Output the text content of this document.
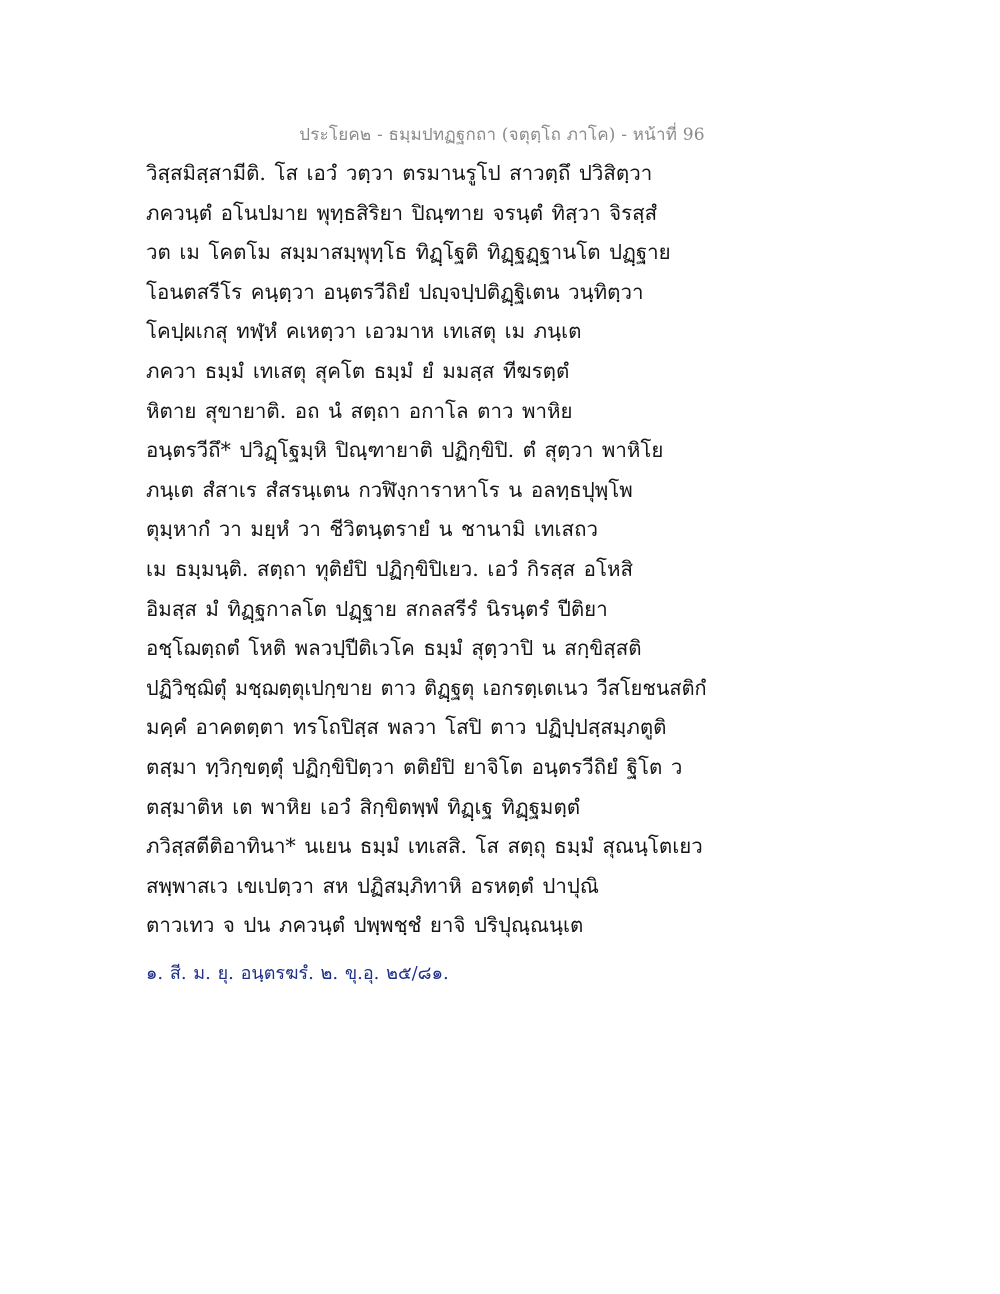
ประโยค๒ - ธมฺมปทฏฐกถา (จตุตฺโถ ภาโค) - หน้าที่ 96
วิสฺสมิสฺสามีติ. โส เอวํ วตฺวา ตรมานรูโป สาวตฺถึ ปวิสิตฺวา
ภควนฺตํ อโนปมาย พุทฺธสิริยา ปิณฺฑาย จรนฺตํ ทิสฺวา จิรสฺสํ
วต เม โคตโม สมฺมาสมฺพุทฺโธ ทิฏฺโฐติ ทิฏฺฐฏฺฐานโต ปฏฺฐาย
โอนตสรีโร คนฺตฺวา อนฺตรวีถิยํ ปญฺจปฺปติฏฺฐิเตน วนฺทิตฺวา
โคปฺผเกสุ ทฬฺหํ คเหตฺวา เอวมาห เทเสตุ เม ภนฺเต
ภควา ธมฺมํ เทเสตุ สุคโต ธมฺมํ ยํ มมสฺส ทีฆรตฺตํ
หิตาย สุขายาติ. อถ นํ สตฺถา อกาโล ตาว พาหิย
อนฺตรวีถึ* ปวิฏฺโฐมฺหิ ปิณฺฑายาติ ปฏิกฺขิปิ. ตํ สุตฺวา พาหิโย
ภนฺเต สํสาเร สํสรนฺเตน กวฬิงฺการาหาโร น อลทฺธปุพฺโพ
ตุมฺหากํ วา มยฺหํ วา ชีวิตนฺตรายํ น ชานามิ เทเสถว
เม ธมฺมนฺติ. สตฺถา ทุติยํปิ ปฏิกฺขิปิเยว. เอวํ กิรสฺส อโหสิ
อิมสฺส มํ ทิฏฺฐกาลโต ปฏฺฐาย สกลสรีรํ นิรนฺตรํ ปีติยา
อชฺโฌตฺถตํ โหติ พลวปฺปีติเวโค ธมฺมํ สุตฺวาปิ น สกฺขิสฺสติ
ปฏิวิชฺฌิตุํ มชฺฌตฺตุเปกฺขาย ตาว ติฏฺฐตุ เอกรตฺเตเนว วีสโยชนสติกํ
มคฺคํ อาคตตฺตา ทรโถปิสฺส พลวา โสปิ ตาว ปฏิปฺปสฺสมฺภตูติ
ตสฺมา ทฺวิกฺขตฺตุํ ปฏิกฺขิปิตฺวา ตติยํปิ ยาจิโต อนฺตรวีถิยํ ฐิโต ว
ตสฺมาติห เต พาหิย เอวํ สิกฺขิตพฺพํ ทิฏฺเฐ ทิฏฺฐมตฺตํ
ภวิสฺสตีติอาทินา* นเยน ธมฺมํ เทเสสิ. โส สตฺถุ ธมฺมํ สุณนฺโตเยว
สพฺพาสเว เขเปตฺวา สห ปฏิสมฺภิทาหิ อรหตฺตํ ปาปุณิ
ตาวเทว จ ปน ภควนฺตํ ปพฺพชฺชํ ยาจิ ปริปุณฺณนฺเต
๑. สี. ม. ยุ. อนฺตรฆรํ. ๒. ขุ.อุ. ๒๕/๘๑.
